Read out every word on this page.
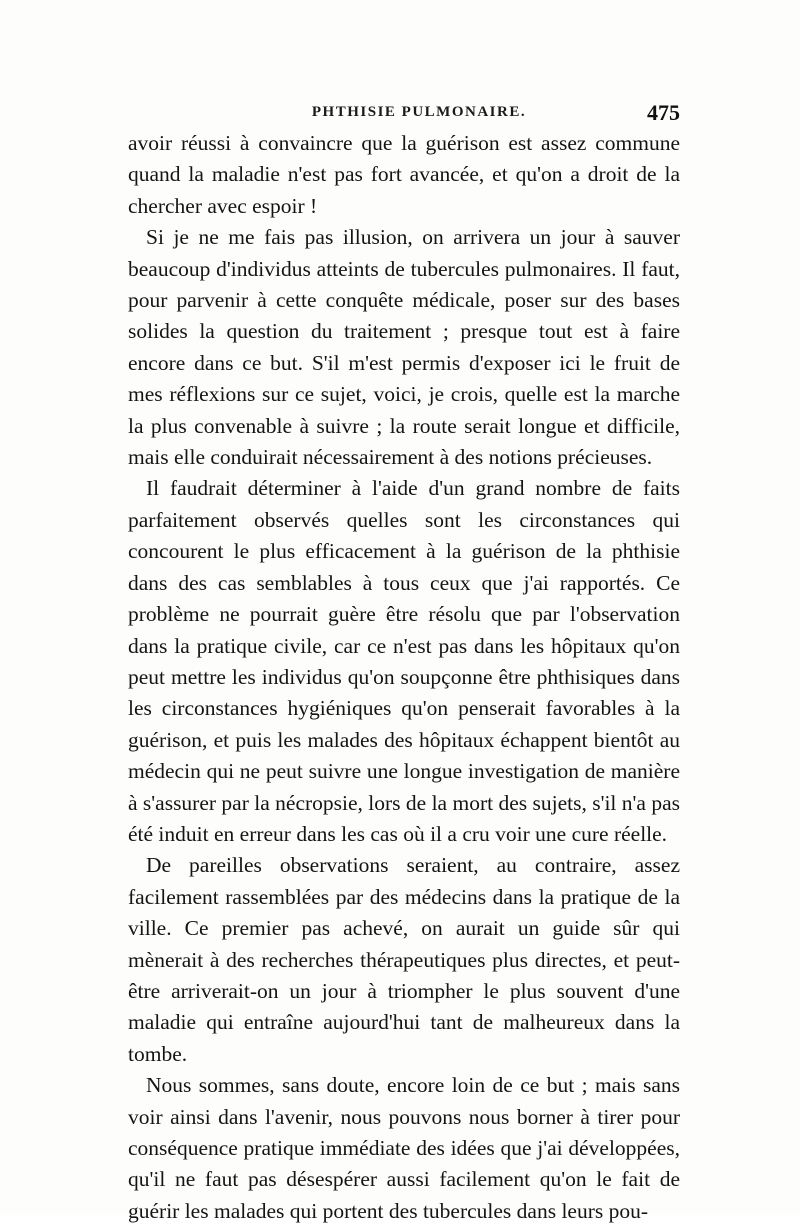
PHTHISIE PULMONAIRE.	475

avoir réussi à convaincre que la guérison est assez commune quand la maladie n'est pas fort avancée, et qu'on a droit de la chercher avec espoir !

Si je ne me fais pas illusion, on arrivera un jour à sauver beaucoup d'individus atteints de tubercules pulmonaires. Il faut, pour parvenir à cette conquête médicale, poser sur des bases solides la question du traitement ; presque tout est à faire encore dans ce but. S'il m'est permis d'exposer ici le fruit de mes réflexions sur ce sujet, voici, je crois, quelle est la marche la plus convenable à suivre ; la route serait longue et difficile, mais elle conduirait nécessairement à des notions précieuses.

Il faudrait déterminer à l'aide d'un grand nombre de faits parfaitement observés quelles sont les circonstances qui concourent le plus efficacement à la guérison de la phthisie dans des cas semblables à tous ceux que j'ai rapportés. Ce problème ne pourrait guère être résolu que par l'observation dans la pratique civile, car ce n'est pas dans les hôpitaux qu'on peut mettre les individus qu'on soupçonne être phthisiques dans les circonstances hygiéniques qu'on penserait favorables à la guérison, et puis les malades des hôpitaux échappent bientôt au médecin qui ne peut suivre une longue investigation de manière à s'assurer par la nécropsie, lors de la mort des sujets, s'il n'a pas été induit en erreur dans les cas où il a cru voir une cure réelle.

De pareilles observations seraient, au contraire, assez facilement rassemblées par des médecins dans la pratique de la ville. Ce premier pas achevé, on aurait un guide sûr qui mènerait à des recherches thérapeutiques plus directes, et peut-être arriverait-on un jour à triompher le plus souvent d'une maladie qui entraîne aujourd'hui tant de malheureux dans la tombe.

Nous sommes, sans doute, encore loin de ce but ; mais sans voir ainsi dans l'avenir, nous pouvons nous borner à tirer pour conséquence pratique immédiate des idées que j'ai développées, qu'il ne faut pas désespérer aussi facilement qu'on le fait de guérir les malades qui portent des tubercules dans leurs pou-
